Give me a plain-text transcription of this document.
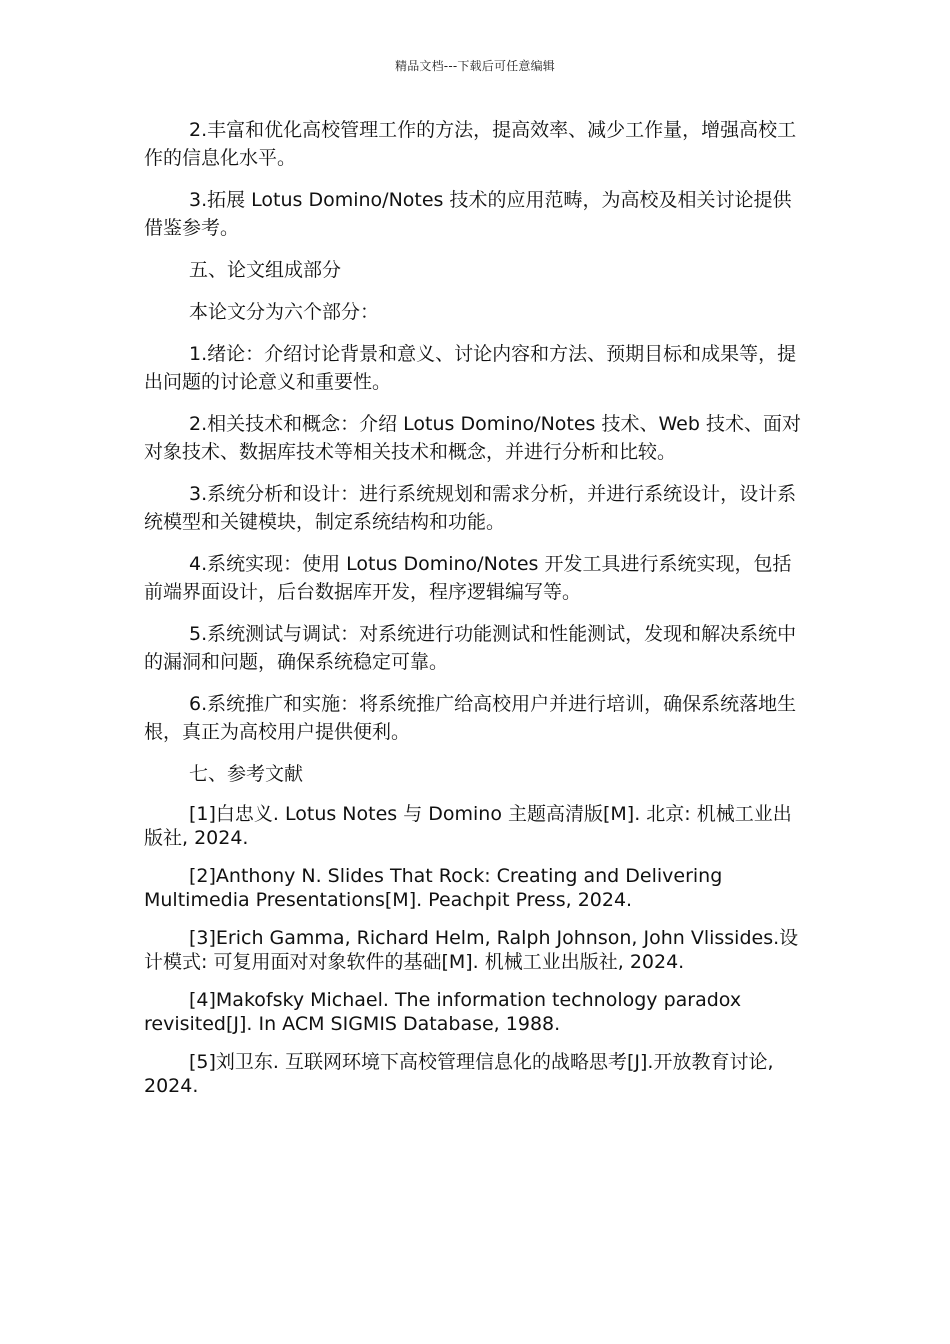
精品文档---下载后可任意编辑

2.丰富和优化高校管理工作的方法，提高效率、减少工作量，增强高校工作的信息化水平。

3.拓展 Lotus Domino/Notes 技术的应用范畴，为高校及相关讨论提供借鉴参考。

五、论文组成部分

本论文分为六个部分：

1.绪论：介绍讨论背景和意义、讨论内容和方法、预期目标和成果等，提出问题的讨论意义和重要性。

2.相关技术和概念：介绍 Lotus Domino/Notes 技术、Web 技术、面对对象技术、数据库技术等相关技术和概念，并进行分析和比较。

3.系统分析和设计：进行系统规划和需求分析，并进行系统设计，设计系统模型和关键模块，制定系统结构和功能。

4.系统实现：使用 Lotus Domino/Notes 开发工具进行系统实现，包括前端界面设计，后台数据库开发，程序逻辑编写等。

5.系统测试与调试：对系统进行功能测试和性能测试，发现和解决系统中的漏洞和问题，确保系统稳定可靠。

6.系统推广和实施：将系统推广给高校用户并进行培训，确保系统落地生根，真正为高校用户提供便利。

七、参考文献

[1]白忠义. Lotus Notes 与 Domino 主题高清版[M]. 北京: 机械工业出版社, 2024.

[2]Anthony N. Slides That Rock: Creating and Delivering Multimedia Presentations[M]. Peachpit Press, 2024.

[3]Erich Gamma, Richard Helm, Ralph Johnson, John Vlissides.设计模式: 可复用面对对象软件的基础[M]. 机械工业出版社, 2024.

[4]Makofsky Michael. The information technology paradox revisited[J]. In ACM SIGMIS Database, 1988.

[5]刘卫东. 互联网环境下高校管理信息化的战略思考[J].开放教育讨论, 2024.
